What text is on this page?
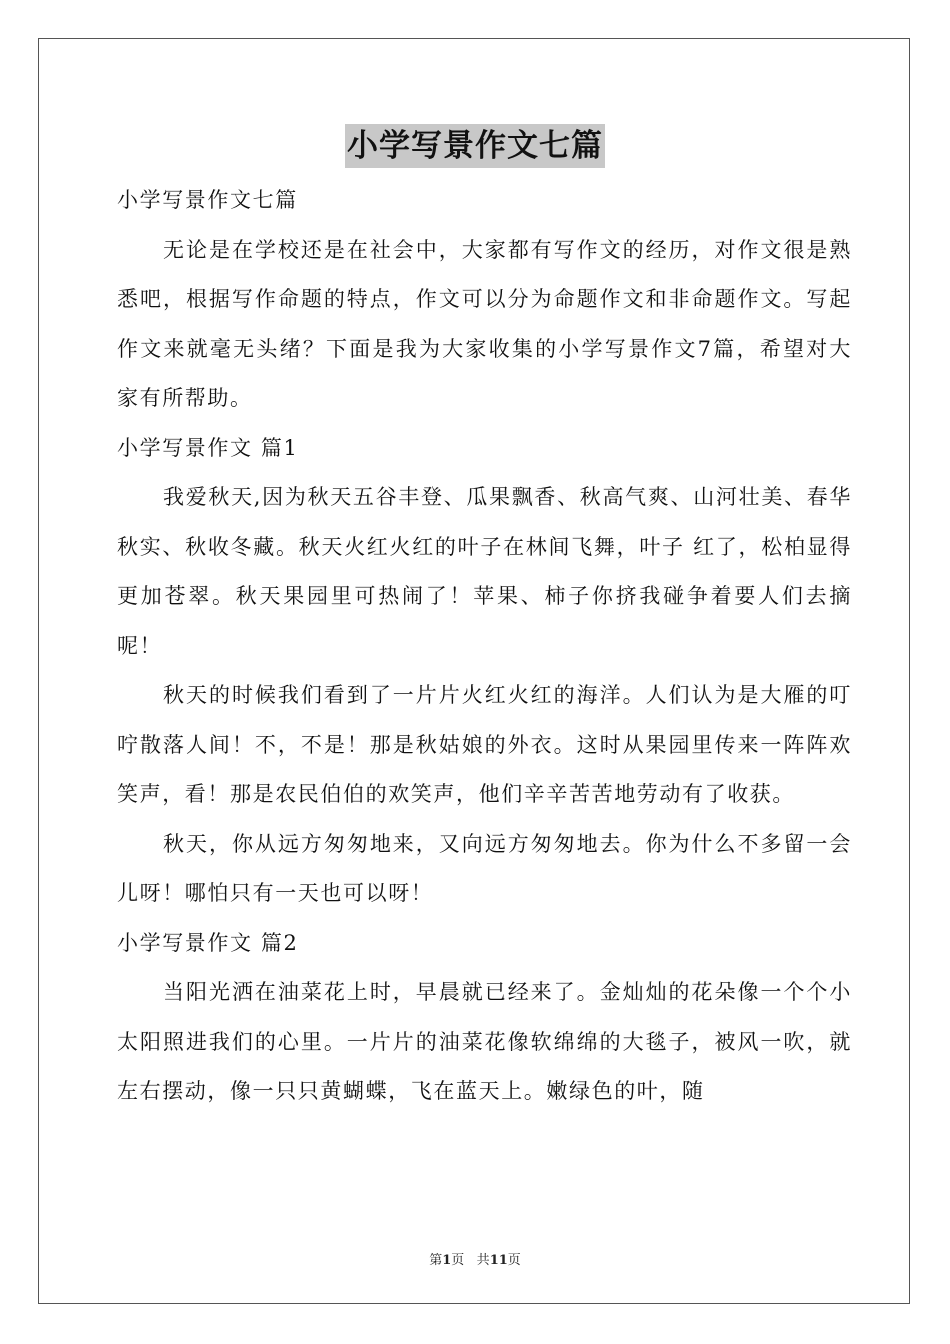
小学写景作文七篇

小学写景作文七篇

无论是在学校还是在社会中，大家都有写作文的经历，对作文很是熟悉吧，根据写作命题的特点，作文可以分为命题作文和非命题作文。写起作文来就毫无头绪？下面是我为大家收集的小学写景作文7篇，希望对大家有所帮助。

小学写景作文 篇1

我爱秋天,因为秋天五谷丰登、瓜果飘香、秋高气爽、山河壮美、春华 秋实、秋收冬藏。秋天火红火红的叶子在林间飞舞，叶子 红了，松柏显得更加苍翠。秋天果园里可热闹了！苹果、柿子你挤我碰争着要人们去摘呢！

秋天的时候我们看到了一片片火红火红的海洋。人们认为是大雁的叮咛散落人间！不，不是！那是秋姑娘的外衣。这时从果园里传来一阵阵欢笑声，看！那是农民伯伯的欢笑声，他们辛辛苦苦地劳动有了收获。

秋天，你从远方匆匆地来，又向远方匆匆地去。你为什么不多留一会儿呀！哪怕只有一天也可以呀！

小学写景作文 篇2

当阳光洒在油菜花上时，早晨就已经来了。金灿灿的花朵像一个个小太阳照进我们的心里。一片片的油菜花像软绵绵的大毯子，被风一吹，就左右摆动，像一只只黄蝴蝶，飞在蓝天上。嫩绿色的叶，随

第1页 共11页
